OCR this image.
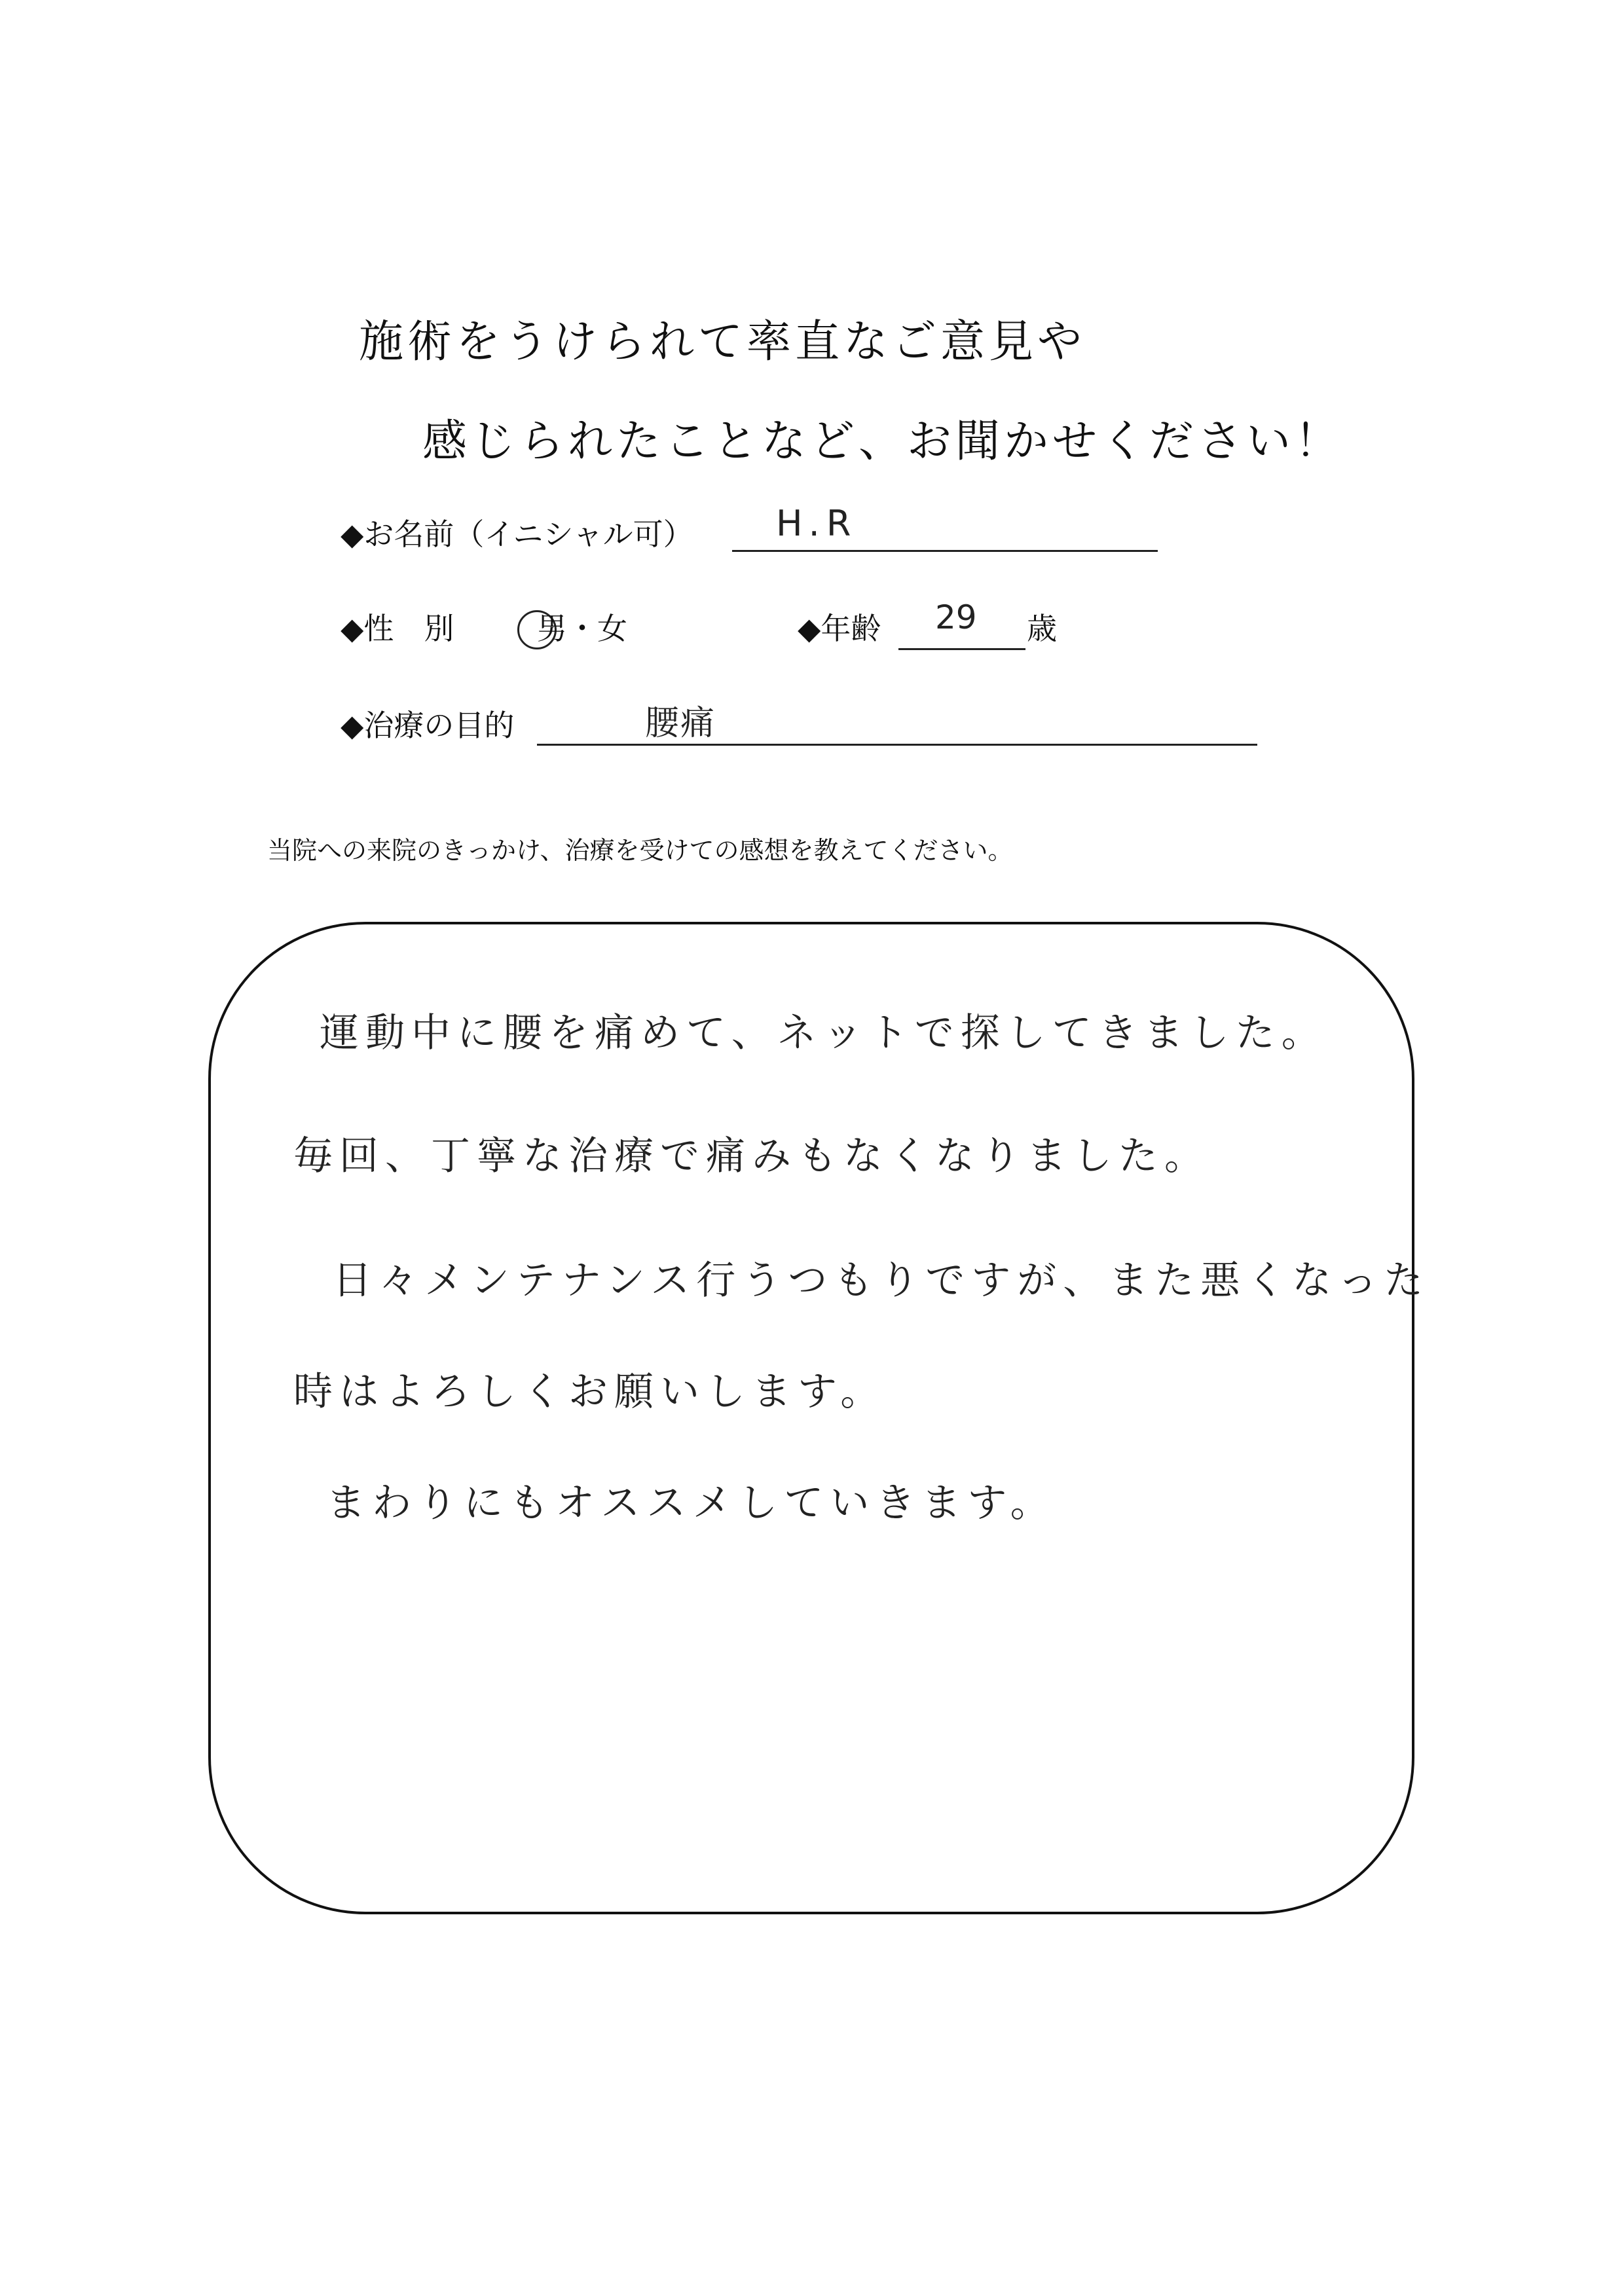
施術をうけられて率直なご意見や
感じられたことなど、お聞かせください！
◆お名前（イニシャル可） H.R
◆性　別	男・女	◆年齢 29 歳
◆治療の目的	腰痛
当院への来院のきっかけ、治療を受けての感想を教えてください。
運動中に腰を痛めて、ネットで探してきました。
毎回、丁寧な治療で痛みもなくなりました。
日々メンテナンス行うつもりですが、また悪くなった
時はよろしくお願いします。
まわりにもオススメしていきます。
